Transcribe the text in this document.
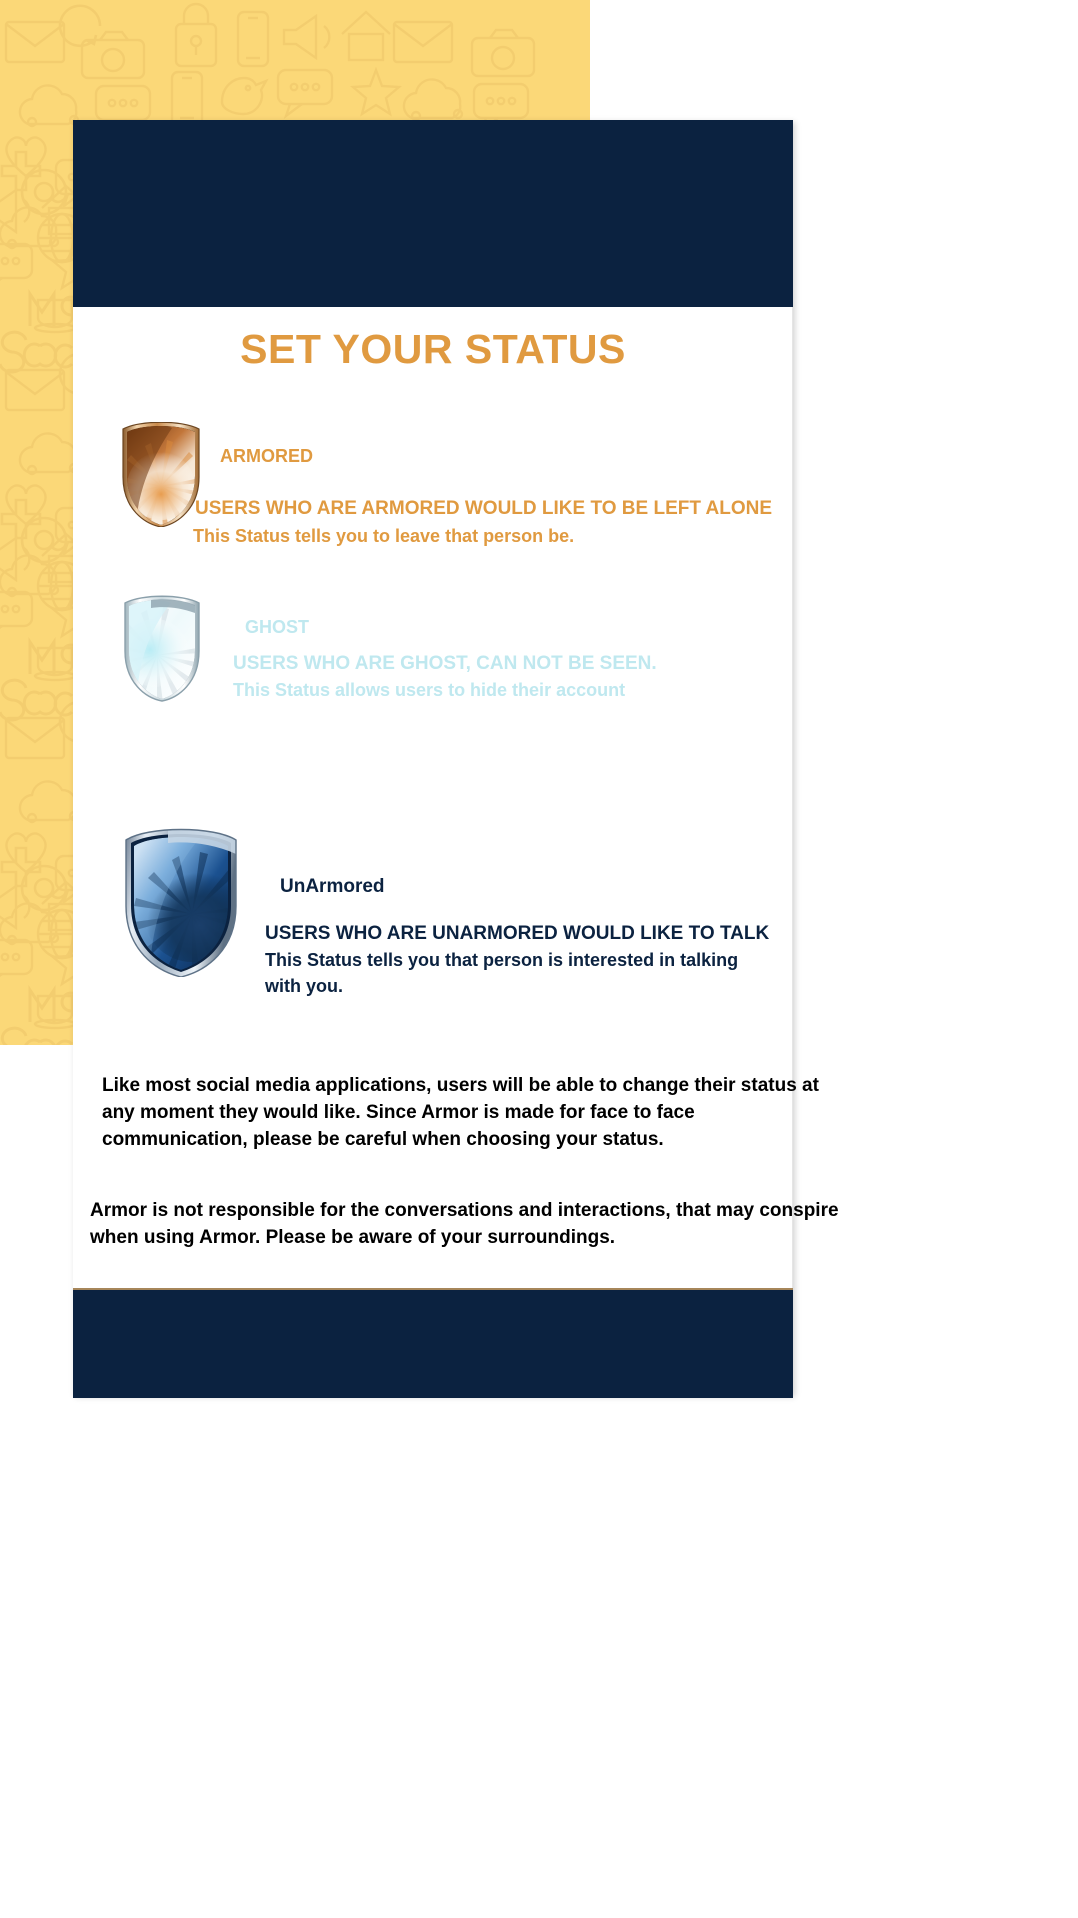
SET YOUR STATUS
ARMORED
USERS WHO ARE ARMORED WOULD LIKE TO BE LEFT ALONE
This Status tells you to leave that person be.
GHOST
USERS WHO ARE GHOST, CAN NOT BE SEEN.
This Status allows users to hide their account
UnArmored
USERS WHO ARE UNARMORED WOULD LIKE TO TALK
This Status tells you that person is interested in talking
with you.
Like most social media applications, users will be able to change their status at any moment they would like. Since Armor is made for face to face communication, please be careful when choosing your status.
Armor is not responsible for the conversations and interactions, that may conspire when using Armor. Please be aware of your surroundings.
